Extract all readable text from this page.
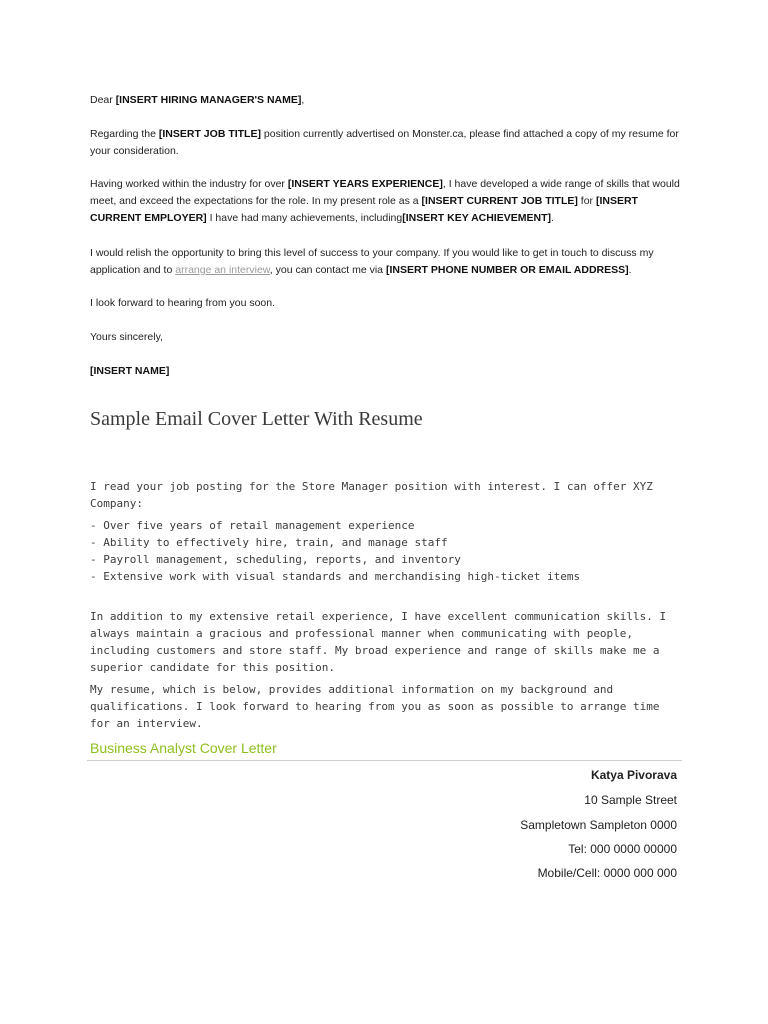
Dear [INSERT HIRING MANAGER'S NAME],

Regarding the [INSERT JOB TITLE] position currently advertised on Monster.ca, please find attached a copy of my resume for your consideration.

Having worked within the industry for over [INSERT YEARS EXPERIENCE], I have developed a wide range of skills that would meet, and exceed the expectations for the role. In my present role as a [INSERT CURRENT JOB TITLE] for [INSERT CURRENT EMPLOYER] I have had many achievements, including[INSERT KEY ACHIEVEMENT].

I would relish the opportunity to bring this level of success to your company. If you would like to get in touch to discuss my application and to arrange an interview, you can contact me via [INSERT PHONE NUMBER OR EMAIL ADDRESS].

I look forward to hearing from you soon.

Yours sincerely,

[INSERT NAME]

Sample Email Cover Letter With Resume

I read your job posting for the Store Manager position with interest. I can offer XYZ Company:

- Over five years of retail management experience
- Ability to effectively hire, train, and manage staff
- Payroll management, scheduling, reports, and inventory
- Extensive work with visual standards and merchandising high-ticket items

In addition to my extensive retail experience, I have excellent communication skills. I always maintain a gracious and professional manner when communicating with people, including customers and store staff. My broad experience and range of skills make me a superior candidate for this position.

My resume, which is below, provides additional information on my background and qualifications. I look forward to hearing from you as soon as possible to arrange time for an interview.

Business Analyst Cover Letter

Katya Pivorava

10 Sample Street

Sampletown Sampleton 0000

Tel: 000 0000 00000

Mobile/Cell: 0000 000 000
